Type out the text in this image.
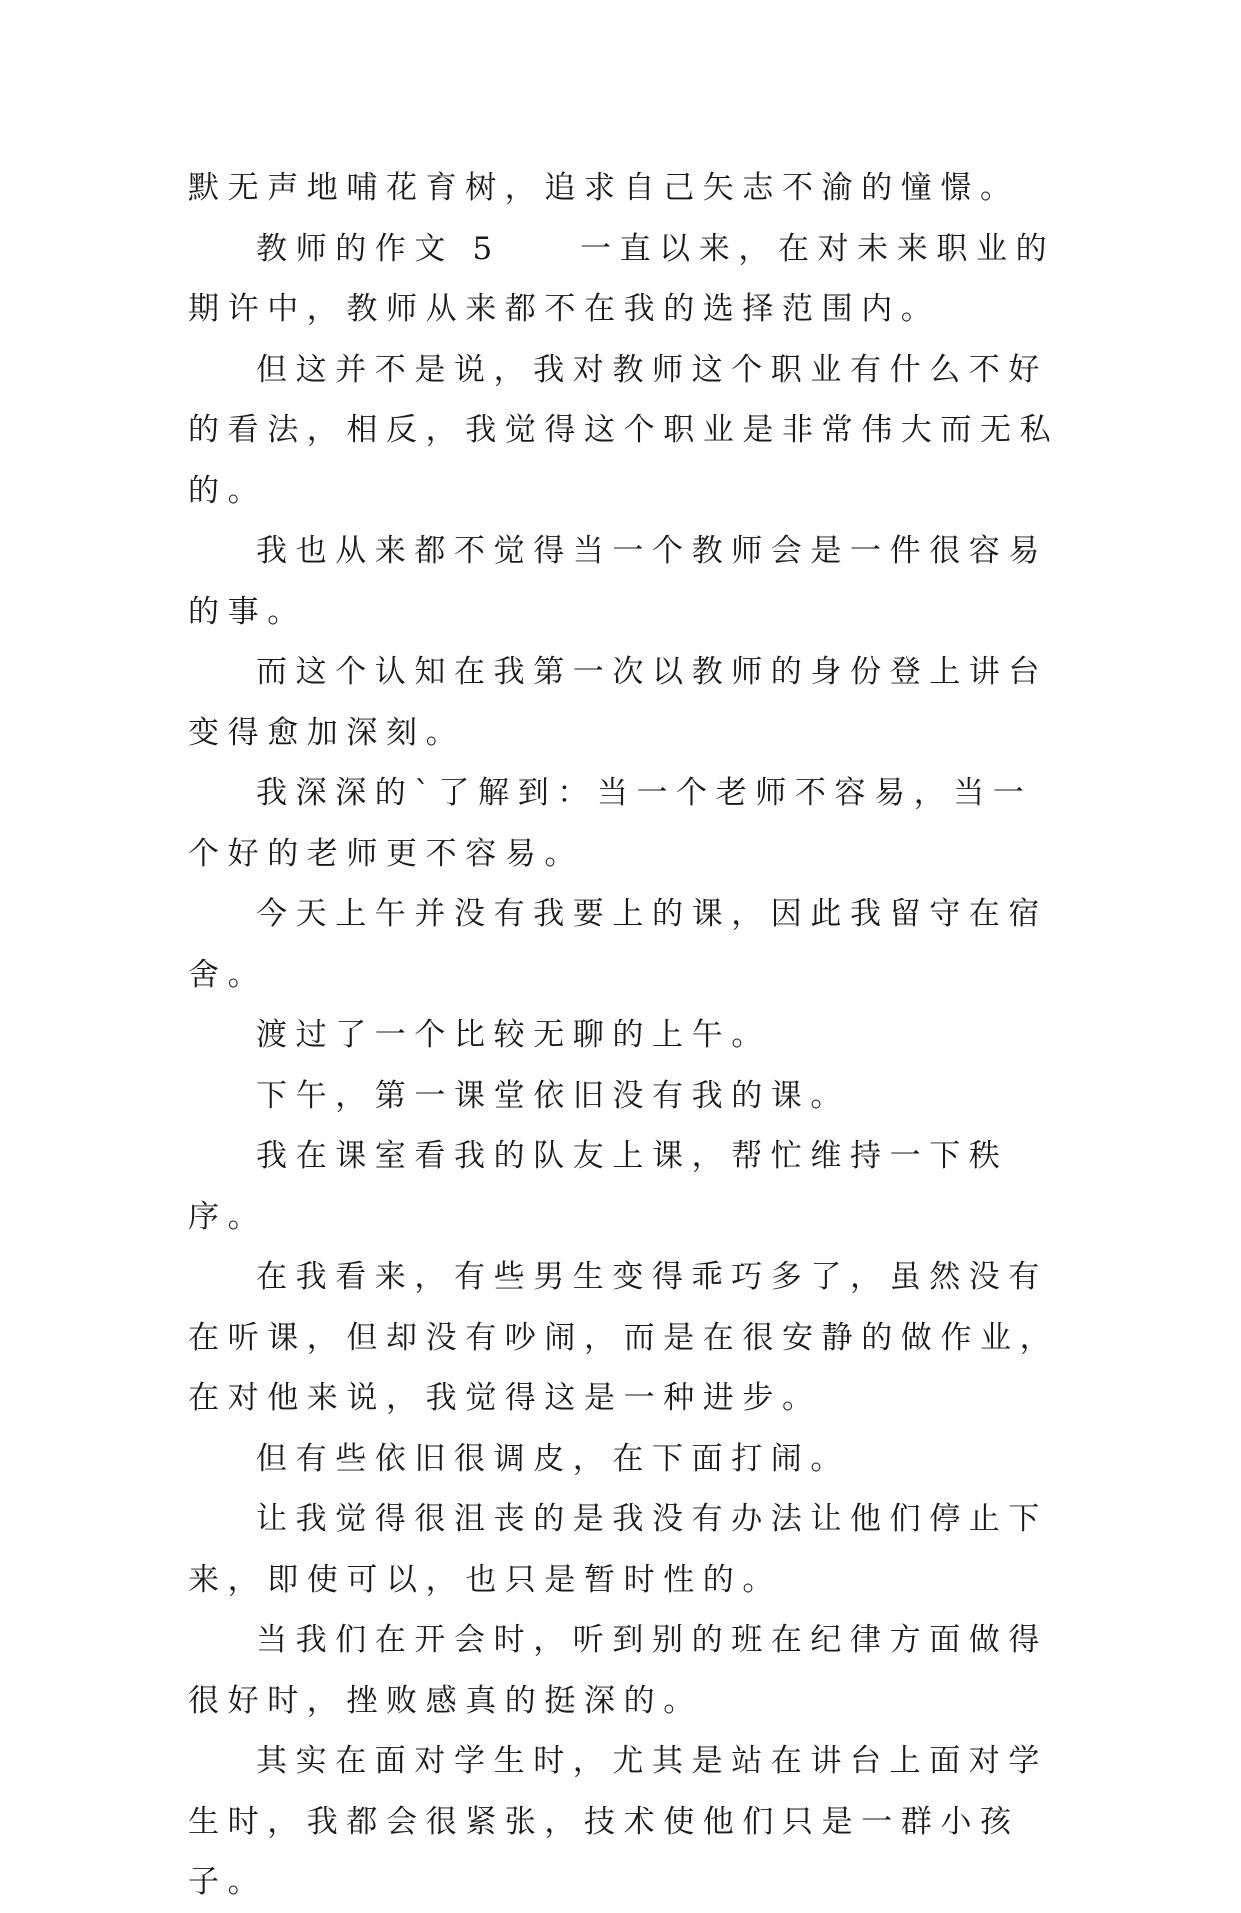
默无声地哺花育树，追求自己矢志不渝的憧憬。

教师的作文 5　　一直以来，在对未来职业的期许中，教师从来都不在我的选择范围内。

但这并不是说，我对教师这个职业有什么不好的看法，相反，我觉得这个职业是非常伟大而无私的。

我也从来都不觉得当一个教师会是一件很容易的事。

而这个认知在我第一次以教师的身份登上讲台变得愈加深刻。

我深深的`了解到：当一个老师不容易，当一个好的老师更不容易。

今天上午并没有我要上的课，因此我留守在宿舍。

渡过了一个比较无聊的上午。

下午，第一课堂依旧没有我的课。

我在课室看我的队友上课，帮忙维持一下秩序。

在我看来，有些男生变得乖巧多了，虽然没有在听课，但却没有吵闹，而是在很安静的做作业，在对他来说，我觉得这是一种进步。

但有些依旧很调皮，在下面打闹。

让我觉得很沮丧的是我没有办法让他们停止下来，即使可以，也只是暂时性的。

当我们在开会时，听到别的班在纪律方面做得很好时，挫败感真的挺深的。

其实在面对学生时，尤其是站在讲台上面对学生时，我都会很紧张，技术使他们只是一群小孩子。
